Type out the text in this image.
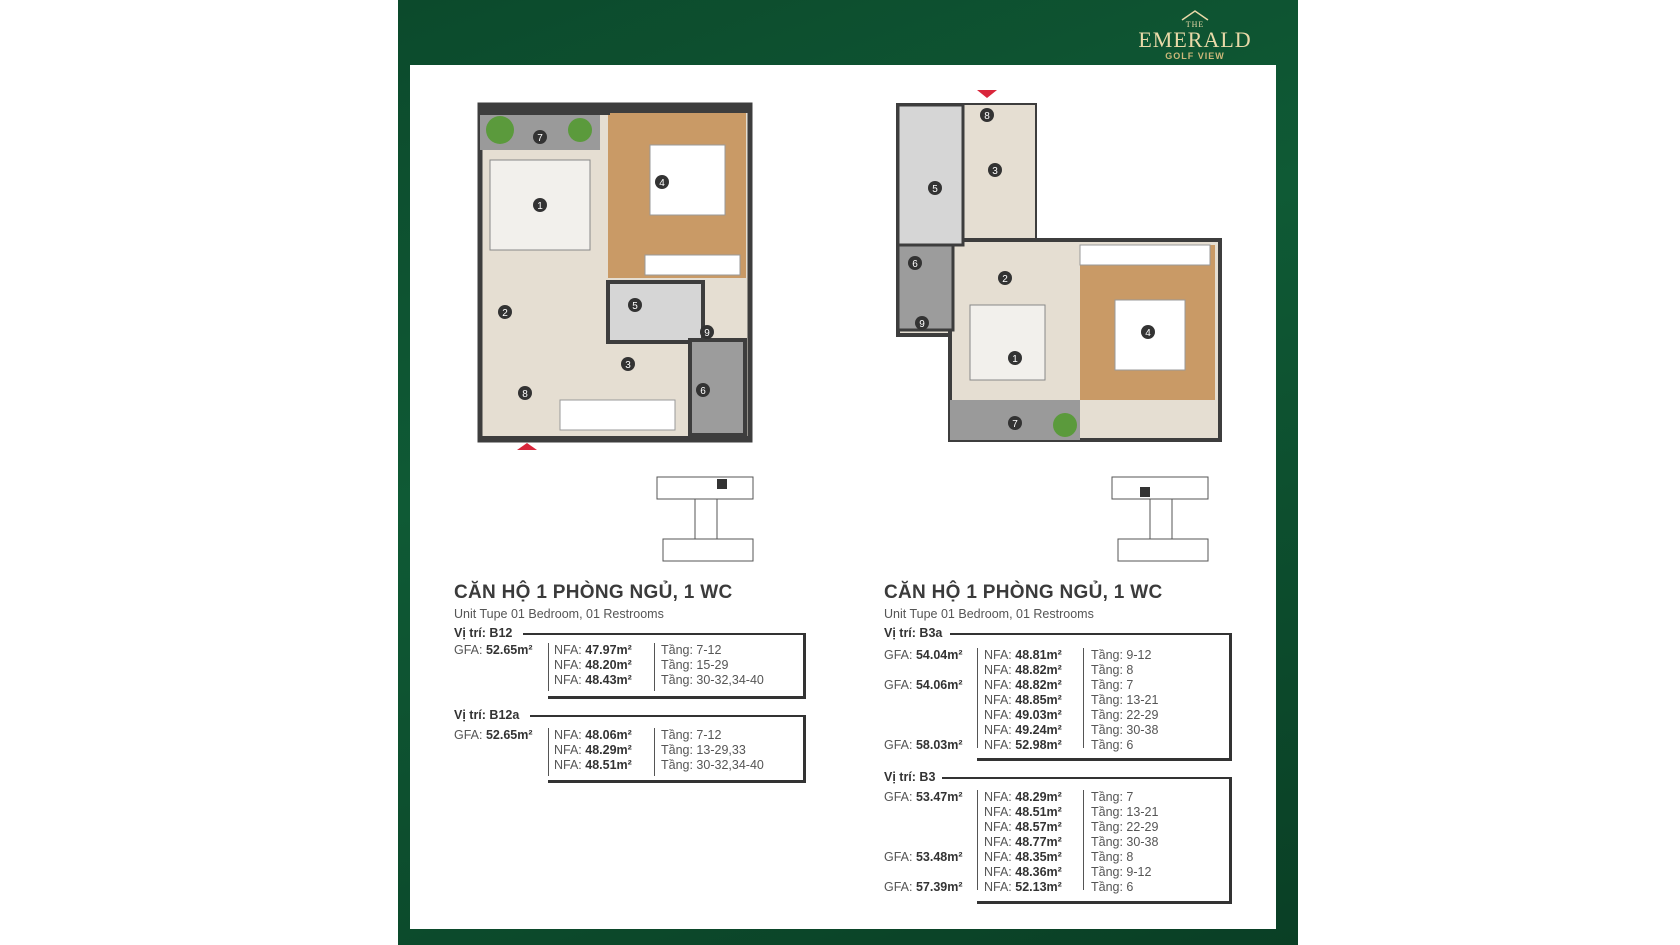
THE
EMERALD
GOLF VIEW
1
2
3
4
5
6
7
8
9
1
2
3
4
5
6
7
8
9
CĂN HỘ 1 PHÒNG NGỦ, 1 WC
Unit Tupe 01 Bedroom, 01 Restrooms
Vị trí: B12
GFA: 52.65m² NFA: 47.97m² Tầng: 7-12
NFA: 48.20m² Tầng: 15-29
NFA: 48.43m² Tầng: 30-32,34-40
Vị trí: B12a
GFA: 52.65m² NFA: 48.06m² Tầng: 7-12
NFA: 48.29m² Tầng: 13-29,33
NFA: 48.51m² Tầng: 30-32,34-40
CĂN HỘ 1 PHÒNG NGỦ, 1 WC
Unit Tupe 01 Bedroom, 01 Restrooms
Vị trí: B3a
GFA: 54.04m² NFA: 48.81m² Tầng: 9-12
NFA: 48.82m² Tầng: 8
GFA: 54.06m² NFA: 48.82m² Tầng: 7
NFA: 48.85m² Tầng: 13-21
NFA: 49.03m² Tầng: 22-29
NFA: 49.24m² Tầng: 30-38
GFA: 58.03m² NFA: 52.98m² Tầng: 6
Vị trí: B3
GFA: 53.47m² NFA: 48.29m² Tầng: 7
NFA: 48.51m² Tầng: 13-21
NFA: 48.57m² Tầng: 22-29
NFA: 48.77m² Tầng: 30-38
GFA: 53.48m² NFA: 48.35m² Tầng: 8
NFA: 48.36m² Tầng: 9-12
GFA: 57.39m² NFA: 52.13m² Tầng: 6
